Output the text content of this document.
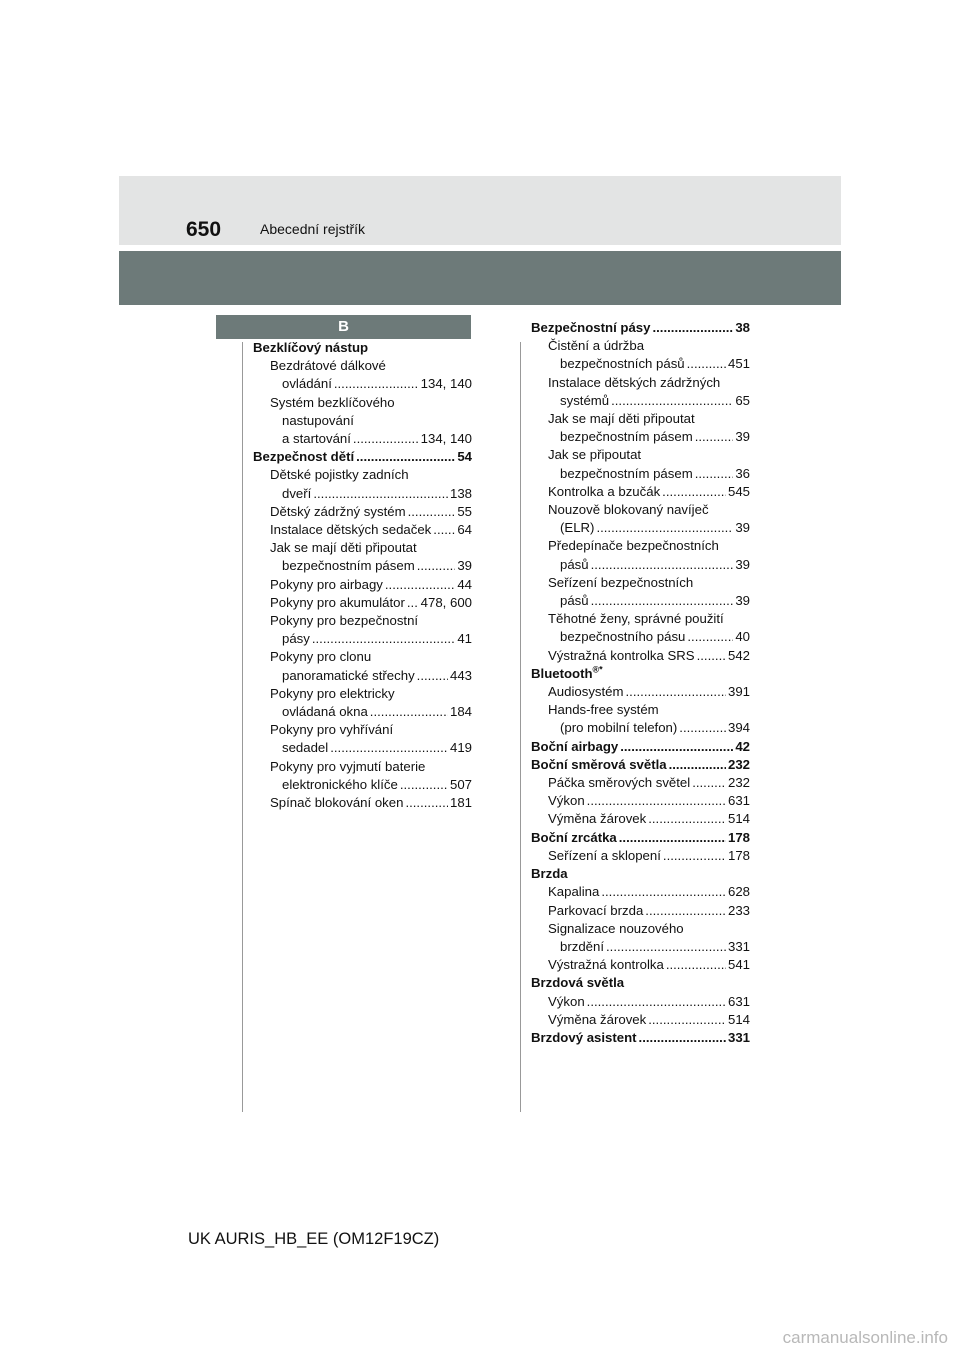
650	Abecední rejstřík
B
Bezklíčový nástup
Bezdrátové dálkové
ovládání .....	134, 140
Systém bezklíčového
nastupování
a startování .....	134, 140
Bezpečnost dětí .....	54
Dětské pojistky zadních
dveří .....	138
Dětský zádržný systém .....	55
Instalace dětských sedaček ..... 64
Jak se mají děti připoutat
bezpečnostním pásem .....	39
Pokyny pro airbagy .....	44
Pokyny pro akumulátor ..... 478, 600
Pokyny pro bezpečnostní
pásy .....	41
Pokyny pro clonu
panoramatické střechy .....	443
Pokyny pro elektricky
ovládaná okna .....	184
Pokyny pro vyhřívání
sedadel .....	419
Pokyny pro vyjmutí baterie
elektronického klíče .....	507
Spínač blokování oken .....	181
Bezpečnostní pásy .....	38
Čistění a údržba
bezpečnostních pásů .....	451
Instalace dětských zádržných
systémů .....	65
Jak se mají děti připoutat
bezpečnostním pásem .....	39
Jak se připoutat
bezpečnostním pásem .....	36
Kontrolka a bzučák .....	545
Nouzově blokovaný navíječ
(ELR) .....	39
Předepínače bezpečnostních
pásů .....	39
Seřízení bezpečnostních
pásů .....	39
Těhotné ženy, správné použití
bezpečnostního pásu .....	40
Výstražná kontrolka SRS .....	542
Bluetooth®*
Audiosystém .....	391
Hands-free systém
(pro mobilní telefon) .....	394
Boční airbagy .....	42
Boční směrová světla .....	232
Páčka směrových světel .....	232
Výkon .....	631
Výměna žárovek .....	514
Boční zrcátka .....	178
Seřízení a sklopení .....	178
Brzda
Kapalina .....	628
Parkovací brzda .....	233
Signalizace nouzového
brzdění .....	331
Výstražná kontrolka .....	541
Brzdová světla
Výkon .....	631
Výměna žárovek .....	514
Brzdový asistent .....	331
UK AURIS_HB_EE (OM12F19CZ)
carmanualsonline.info
